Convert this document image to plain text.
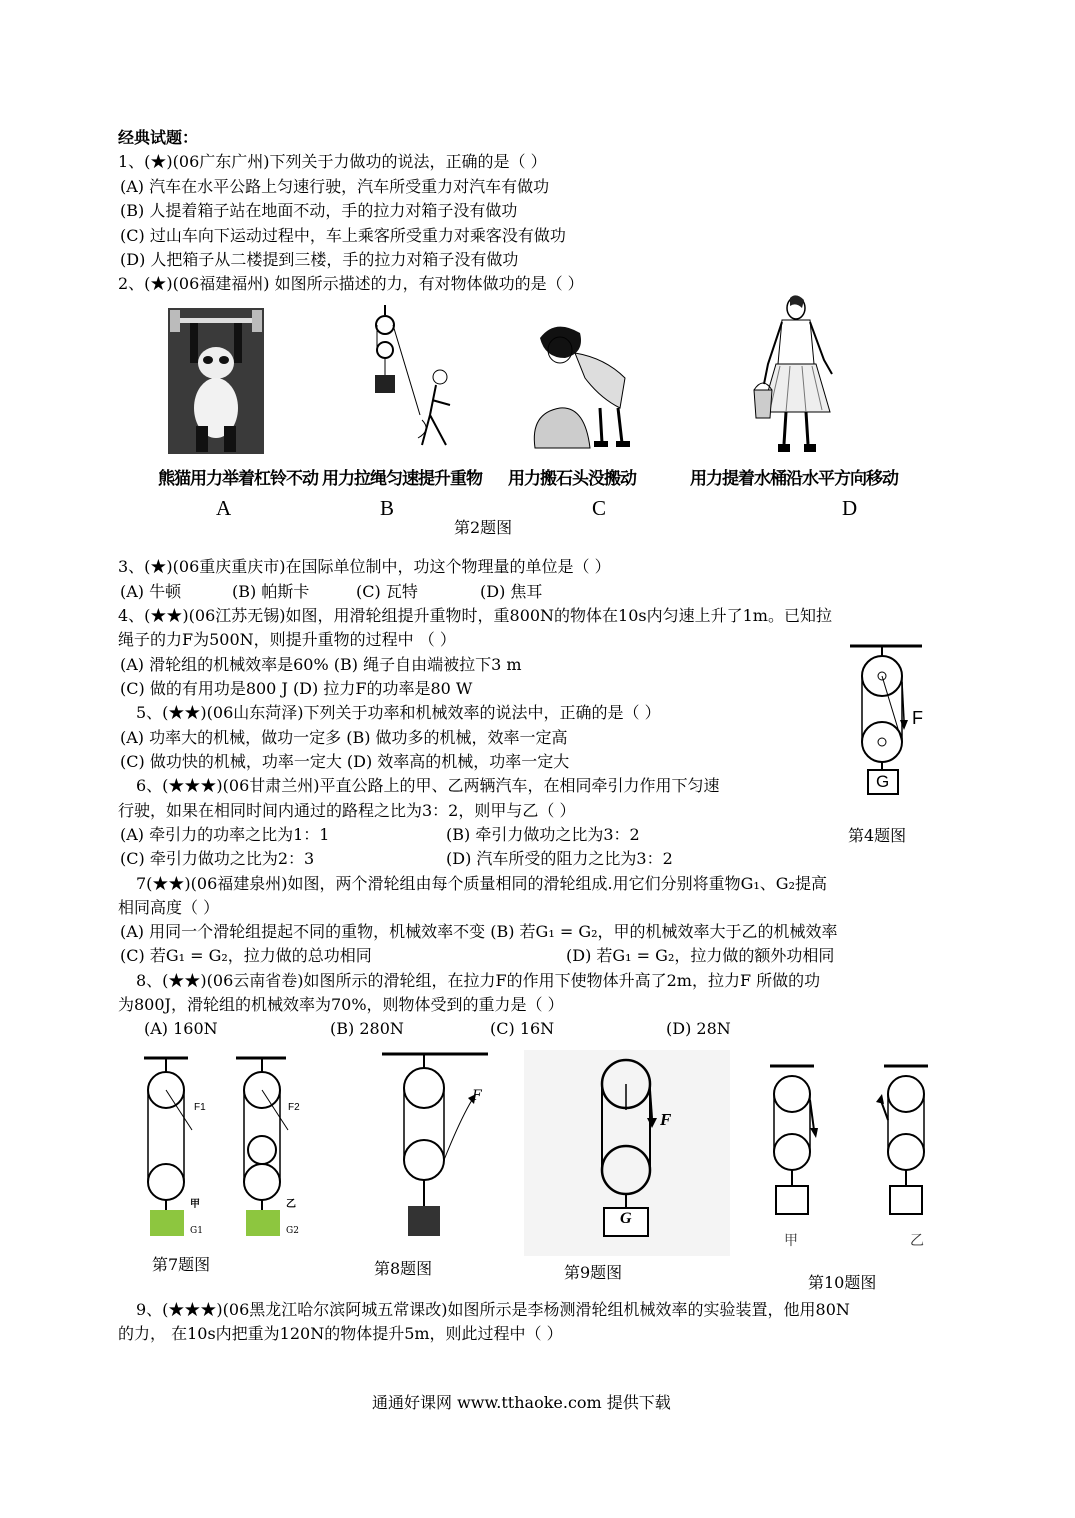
经典试题：
1、(★)(06广东广州)下列关于力做功的说法，正确的是（ ）
(A) 汽车在水平公路上匀速行驶，汽车所受重力对汽车有做功
(B) 人提着箱子站在地面不动，手的拉力对箱子没有做功
(C) 过山车向下运动过程中，车上乘客所受重力对乘客没有做功
(D) 人把箱子从二楼提到三楼，手的拉力对箱子没有做功
2、(★)(06福建福州) 如图所示描述的力，有对物体做功的是（ ）
熊猫用力举着杠铃不动 用力拉绳匀速提升重物 用力搬石头没搬动	用力提着水桶沿水平方向移动
A	B	C	D
第2题图
3、(★)(06重庆重庆市)在国际单位制中，功这个物理量的单位是（ ）
(A) 牛顿	(B) 帕斯卡	(C) 瓦特	(D) 焦耳
4、(★★)(06江苏无锡)如图，用滑轮组提升重物时，重800N的物体在10s内匀速上升了1m。已知拉
绳子的力F为500N，则提升重物的过程中 （ ）
(A) 滑轮组的机械效率是60% (B) 绳子自由端被拉下3 m
(C) 做的有用功是800 J (D) 拉力F的功率是80 W
F
G
5、(★★)(06山东菏泽)下列关于功率和机械效率的说法中，正确的是（ ）
(A) 功率大的机械，做功一定多 (B) 做功多的机械，效率一定高
(C) 做功快的机械，功率一定大 (D) 效率高的机械，功率一定大
6、(★★★)(06甘肃兰州)平直公路上的甲、乙两辆汽车，在相同牵引力作用下匀速
行驶，如果在相同时间内通过的路程之比为3：2，则甲与乙（ ）
(A) 牵引力的功率之比为1：1	(B) 牵引力做功之比为3：2
(C) 牵引力做功之比为2：3	(D) 汽车所受的阻力之比为3：2
第4题图
7(★★)(06福建泉州)如图，两个滑轮组由每个质量相同的滑轮组成.用它们分别将重物G₁、G₂提高
相同高度（ ）
(A) 用同一个滑轮组提起不同的重物，机械效率不变 (B) 若G₁ = G₂，甲的机械效率大于乙的机械效率
(C) 若G₁ = G₂，拉力做的总功相同	(D) 若G₁ = G₂，拉力做的额外功相同
8、(★★)(06云南省卷)如图所示的滑轮组，在拉力F的作用下使物体升高了2m，拉力F 所做的功
为800J，滑轮组的机械效率为70%，则物体受到的重力是（ ）
(A) 160N	(B) 280N	(C) 16N	(D) 28N
F1	F2
甲	乙
G1	G2
第7题图
F
第8题图
F
G
第9题图
甲	乙
第10题图
9、(★★★)(06黑龙江哈尔滨阿城五常课改)如图所示是李杨测滑轮组机械效率的实验装置，他用80N
的力， 在10s内把重为120N的物体提升5m，则此过程中（ ）
通通好课网 www.tthaoke.com 提供下载
